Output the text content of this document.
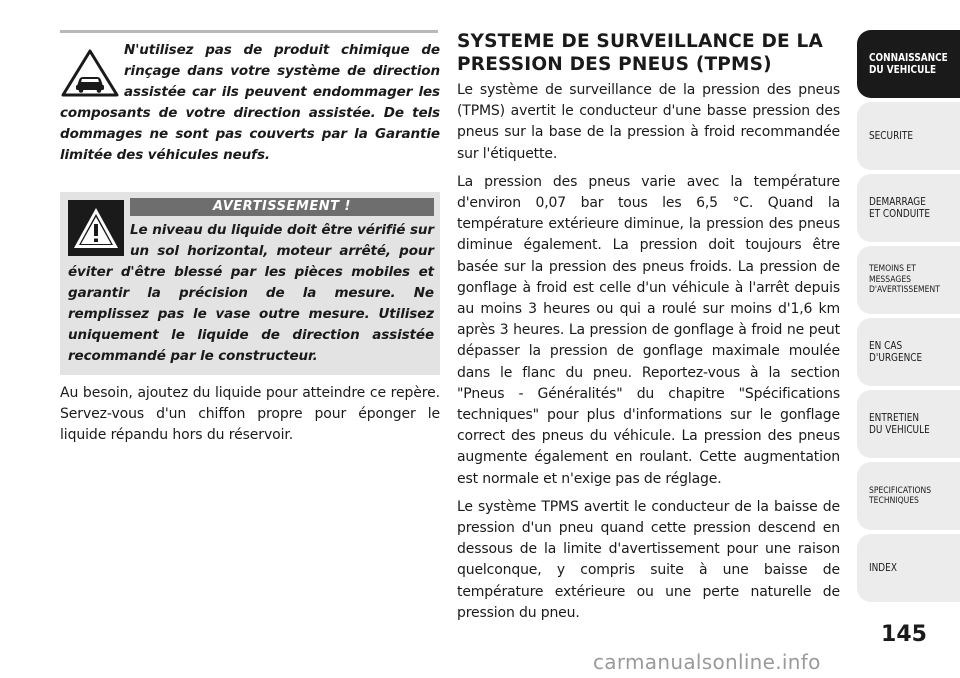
N'utilisez pas de produit chimique de rinçage dans votre système de direction assistée car ils peuvent endommager les composants de votre direction assistée. De tels dommages ne sont pas couverts par la Garantie limitée des véhicules neufs.
AVERTISSEMENT !
Le niveau du liquide doit être vérifié sur un sol horizontal, moteur arrêté, pour éviter d'être blessé par les pièces mobiles et garantir la précision de la mesure. Ne remplissez pas le vase outre mesure. Utilisez uniquement le liquide de direction assistée recommandé par le constructeur.

Au besoin, ajoutez du liquide pour atteindre ce repère. Servez-vous d'un chiffon propre pour éponger le liquide répandu hors du réservoir.

SYSTEME DE SURVEILLANCE DE LA PRESSION DES PNEUS (TPMS)

Le système de surveillance de la pression des pneus (TPMS) avertit le conducteur d'une basse pression des pneus sur la base de la pression à froid recommandée sur l'étiquette.

La pression des pneus varie avec la température d'environ 0,07 bar tous les 6,5 °C. Quand la température extérieure diminue, la pression des pneus diminue également. La pression doit toujours être basée sur la pression des pneus froids. La pression de gonflage à froid est celle d'un véhicule à l'arrêt depuis au moins 3 heures ou qui a roulé sur moins d'1,6 km après 3 heures. La pression de gonflage à froid ne peut dépasser la pression de gonflage maximale moulée dans le flanc du pneu. Reportez-vous à la section "Pneus - Généralités" du chapitre "Spécifications techniques" pour plus d'informations sur le gonflage correct des pneus du véhicule. La pression des pneus augmente également en roulant. Cette augmentation est normale et n'exige pas de réglage.

Le système TPMS avertit le conducteur de la baisse de pression d'un pneu quand cette pression descend en dessous de la limite d'avertissement pour une raison quelconque, y compris suite à une baisse de température extérieure ou une perte naturelle de pression du pneu.

CONNAISSANCE
DU VEHICULE
SECURITE
DEMARRAGE
ET CONDUITE
TEMOINS ET
MESSAGES
D'AVERTISSEMENT
EN CAS
D'URGENCE
ENTRETIEN
DU VEHICULE
SPECIFICATIONS
TECHNIQUES
INDEX
145
carmanualsonline.info
